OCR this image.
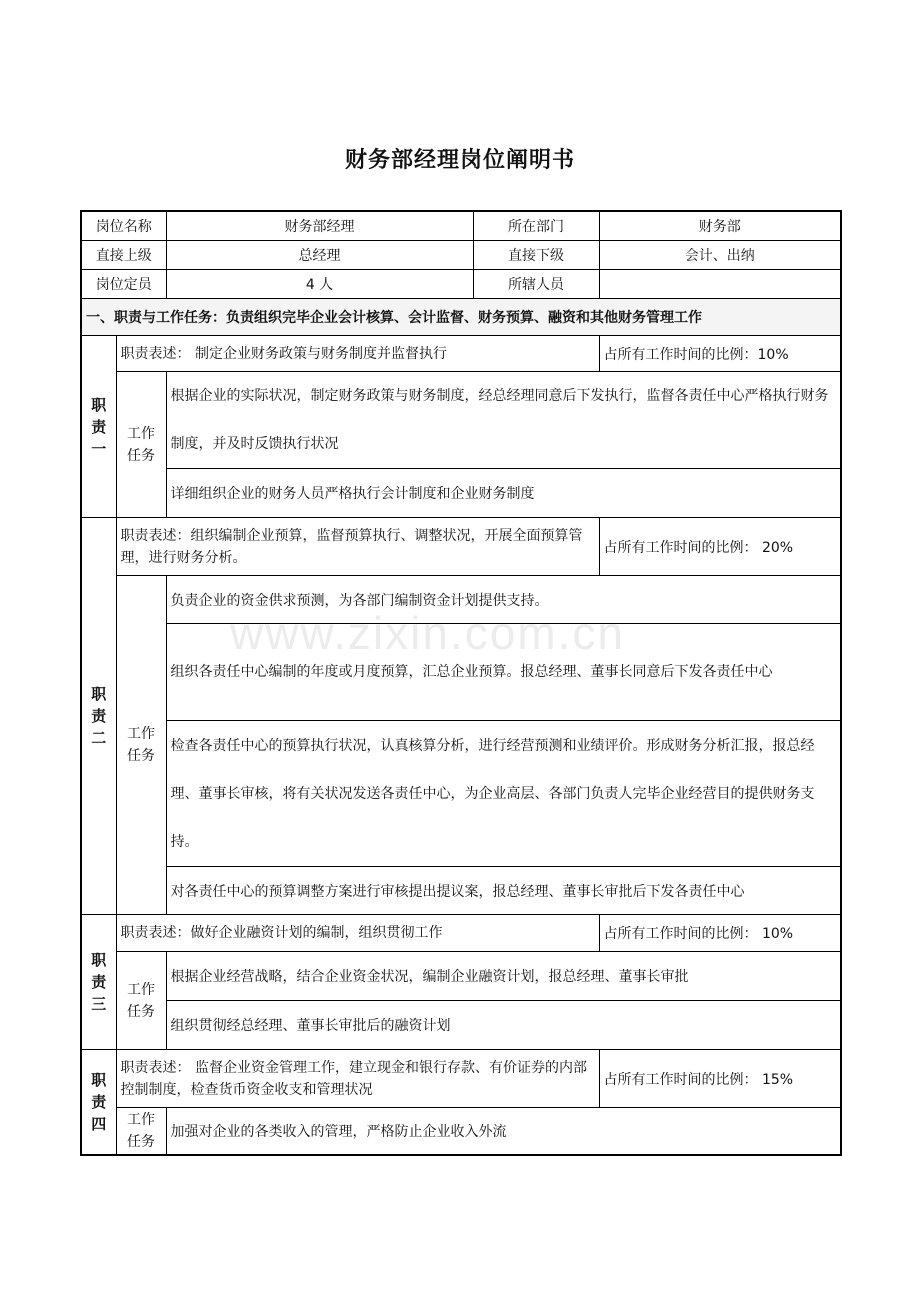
财务部经理岗位阐明书
www.zixin.com.cn
岗位名称		财务部经理	所在部门	财务部
直接上级		总经理	直接下级	会计、出纳
岗位定员		4 人	所辖人员	
一、职责与工作任务：负责组织完毕企业会计核算、会计监督、财务预算、融资和其他财务管理工作				

职
责
一	职责表述： 制定企业财务政策与财务制度并监督执行			占所有工作时间的比例：10%

	工作
任务	根据企业的实际状况，制定财务政策与财务制度，经总经理同意后下发执行，监督各责任中心严格执行财务制度，并及时反馈执行状况		
		详细组织企业的财务人员严格执行会计制度和企业财务制度		

职
责
二	职责表述：组织编制企业预算，监督预算执行、调整状况，开展全面预算管理，进行财务分析。			占所有工作时间的比例： 20%

	工作
任务	负责企业的资金供求预测，为各部门编制资金计划提供支持。		
		组织各责任中心编制的年度或月度预算，汇总企业预算。报总经理、董事长同意后下发各责任中心		
		检查各责任中心的预算执行状况，认真核算分析，进行经营预测和业绩评价。形成财务分析汇报，报总经理、董事长审核，将有关状况发送各责任中心，为企业高层、各部门负责人完毕企业经营目的提供财务支持。		
		对各责任中心的预算调整方案进行审核提出提议案，报总经理、董事长审批后下发各责任中心		

职
责
三	职责表述：做好企业融资计划的编制，组织贯彻工作			占所有工作时间的比例： 10%

	工作
任务	根据企业经营战略，结合企业资金状况，编制企业融资计划，报总经理、董事长审批		
		组织贯彻经总经理、董事长审批后的融资计划		

职
责
四	职责表述： 监督企业资金管理工作，建立现金和银行存款、有价证券的内部控制制度，检查货币资金收支和管理状况			占所有工作时间的比例： 15%

	工作
任务	加强对企业的各类收入的管理，严格防止企业收入外流		
